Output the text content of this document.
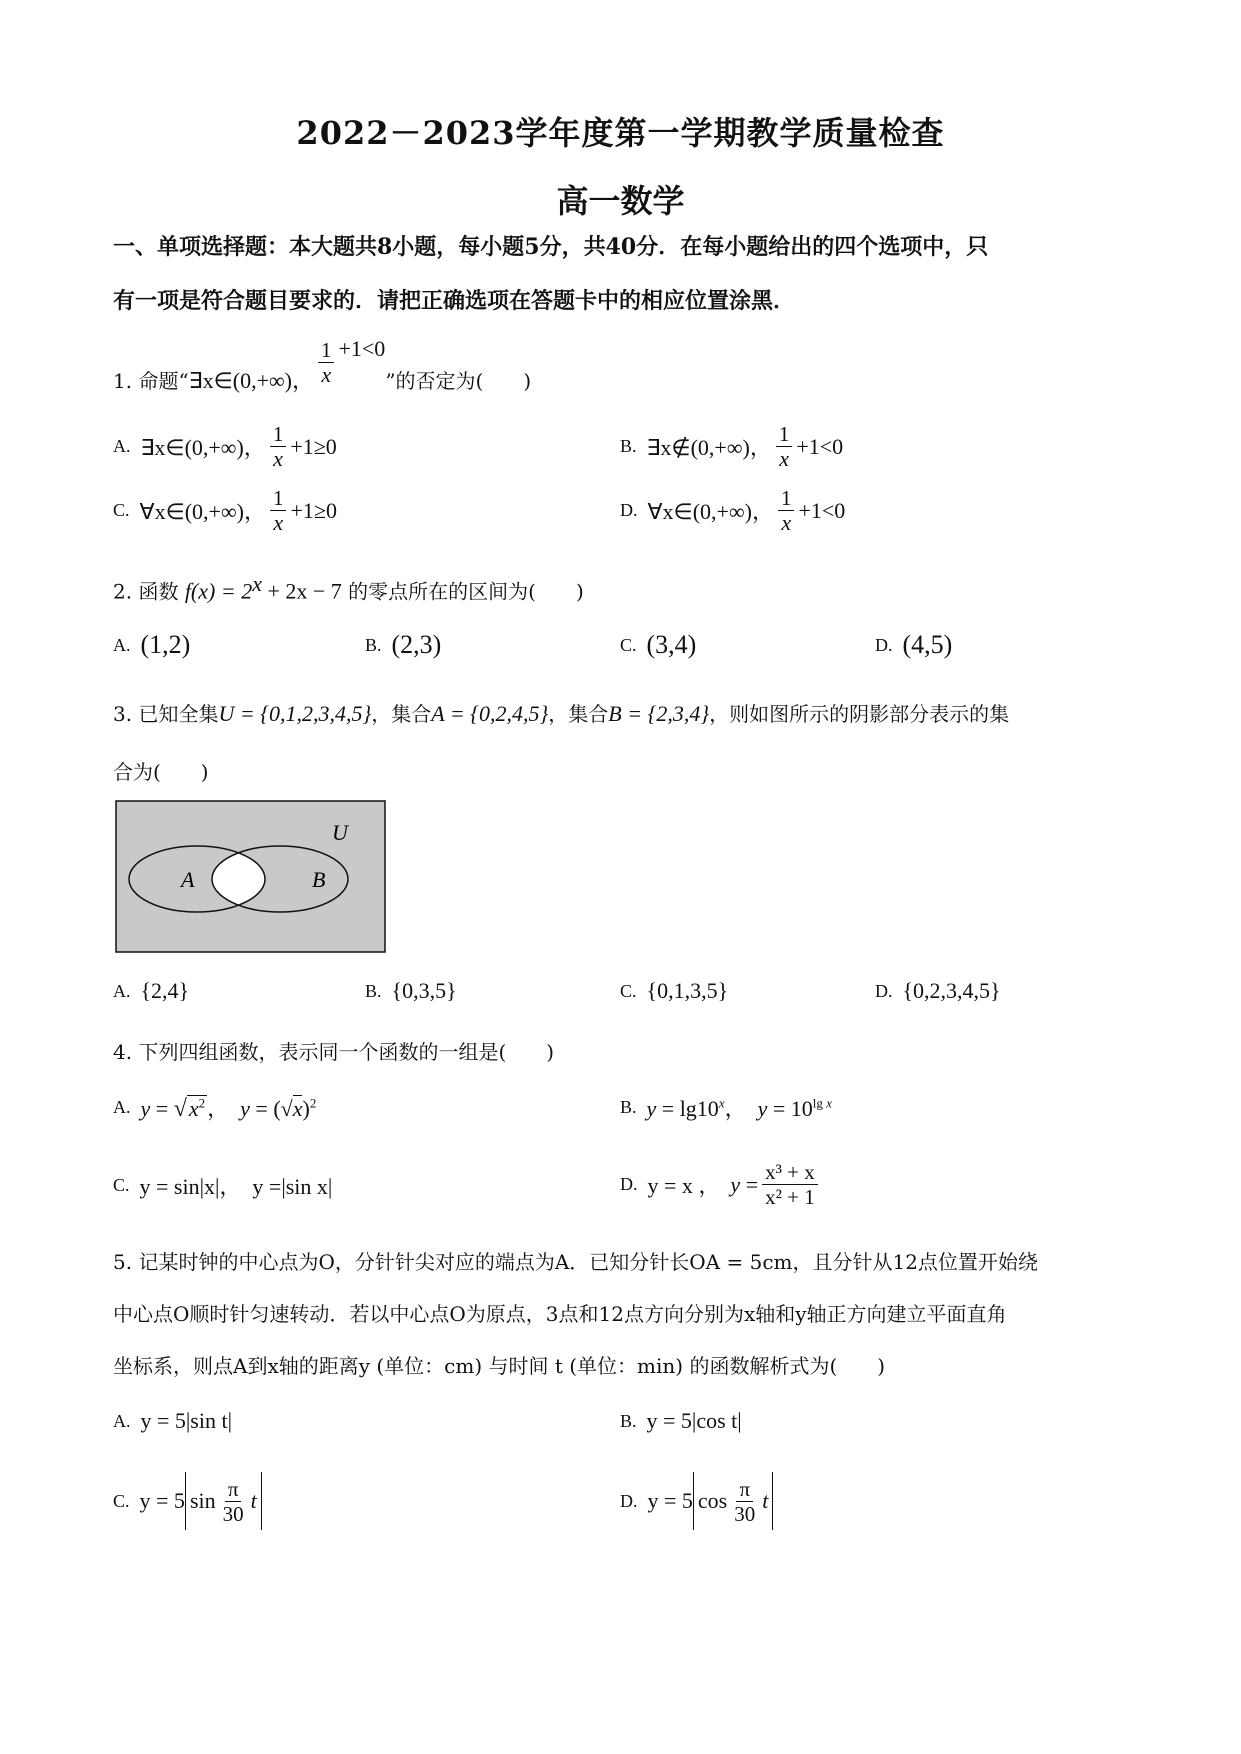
2022－2023学年度第一学期教学质量检查
高一数学
一、单项选择题：本大题共8小题，每小题5分，共40分．在每小题给出的四个选项中，只
有一项是符合题目要求的．请把正确选项在答题卡中的相应位置涂黑．
1. 命题“∃x∈(0,+∞)， $\frac{1}{x} +1<0$”的否定为(　　)
A. ∃x∈(0,+∞)， $\frac{1}{x} +1\ge 0$	B. ∃x∉(0,+∞)， $\frac{1}{x} +1<0$
C. ∀x∈(0,+∞)， $\frac{1}{x} +1\ge 0$	D. ∀x∈(0,+∞)， $\frac{1}{x} +1<0$
2. 函数 $f(x) = 2^x + 2x - 7$ 的零点所在的区间为(　　)
A. (1,2)	B. (2,3)	C. (3,4)	D. (4,5)
3. 已知全集U = {0,1,2,3,4,5}，集合A = {0,2,4,5}，集合B = {2,3,4}，则如图所示的阴影部分表示的集
合为(　　)
U
A	B
A. {2,4}	B. {0,3,5}	C. {0,1,3,5}	D. {0,2,3,4,5}
4. 下列四组函数，表示同一个函数的一组是(　　)
A. $y = √x^2$，  $y = (√x)^2$	B. $y = \lg 10^x$，  $y = 10^{lg x}$
C. y = sin|x|，　y =|sin x|	D. y = x ， $y = \frac{\text{x³ + x}}{\text{x² + 1}}$
5. 记某时钟的中心点为O，分针针尖对应的端点为A．已知分针长OA = 5cm，且分针从12点位置开始绕
中心点O顺时针匀速转动．若以中心点O为原点，3点和12点方向分别为x轴和y轴正方向建立平面直角
坐标系，则点A到x轴的距离y (单位：cm) 与时间 t (单位：min) 的函数解析式为(　　)
A. y = 5|sin t|	B. y = 5|cos t|
C. y = 5 $\sin \frac{\pi}{30}$ t	D. y = 5 $\cos \frac{\pi}{30}$ t
